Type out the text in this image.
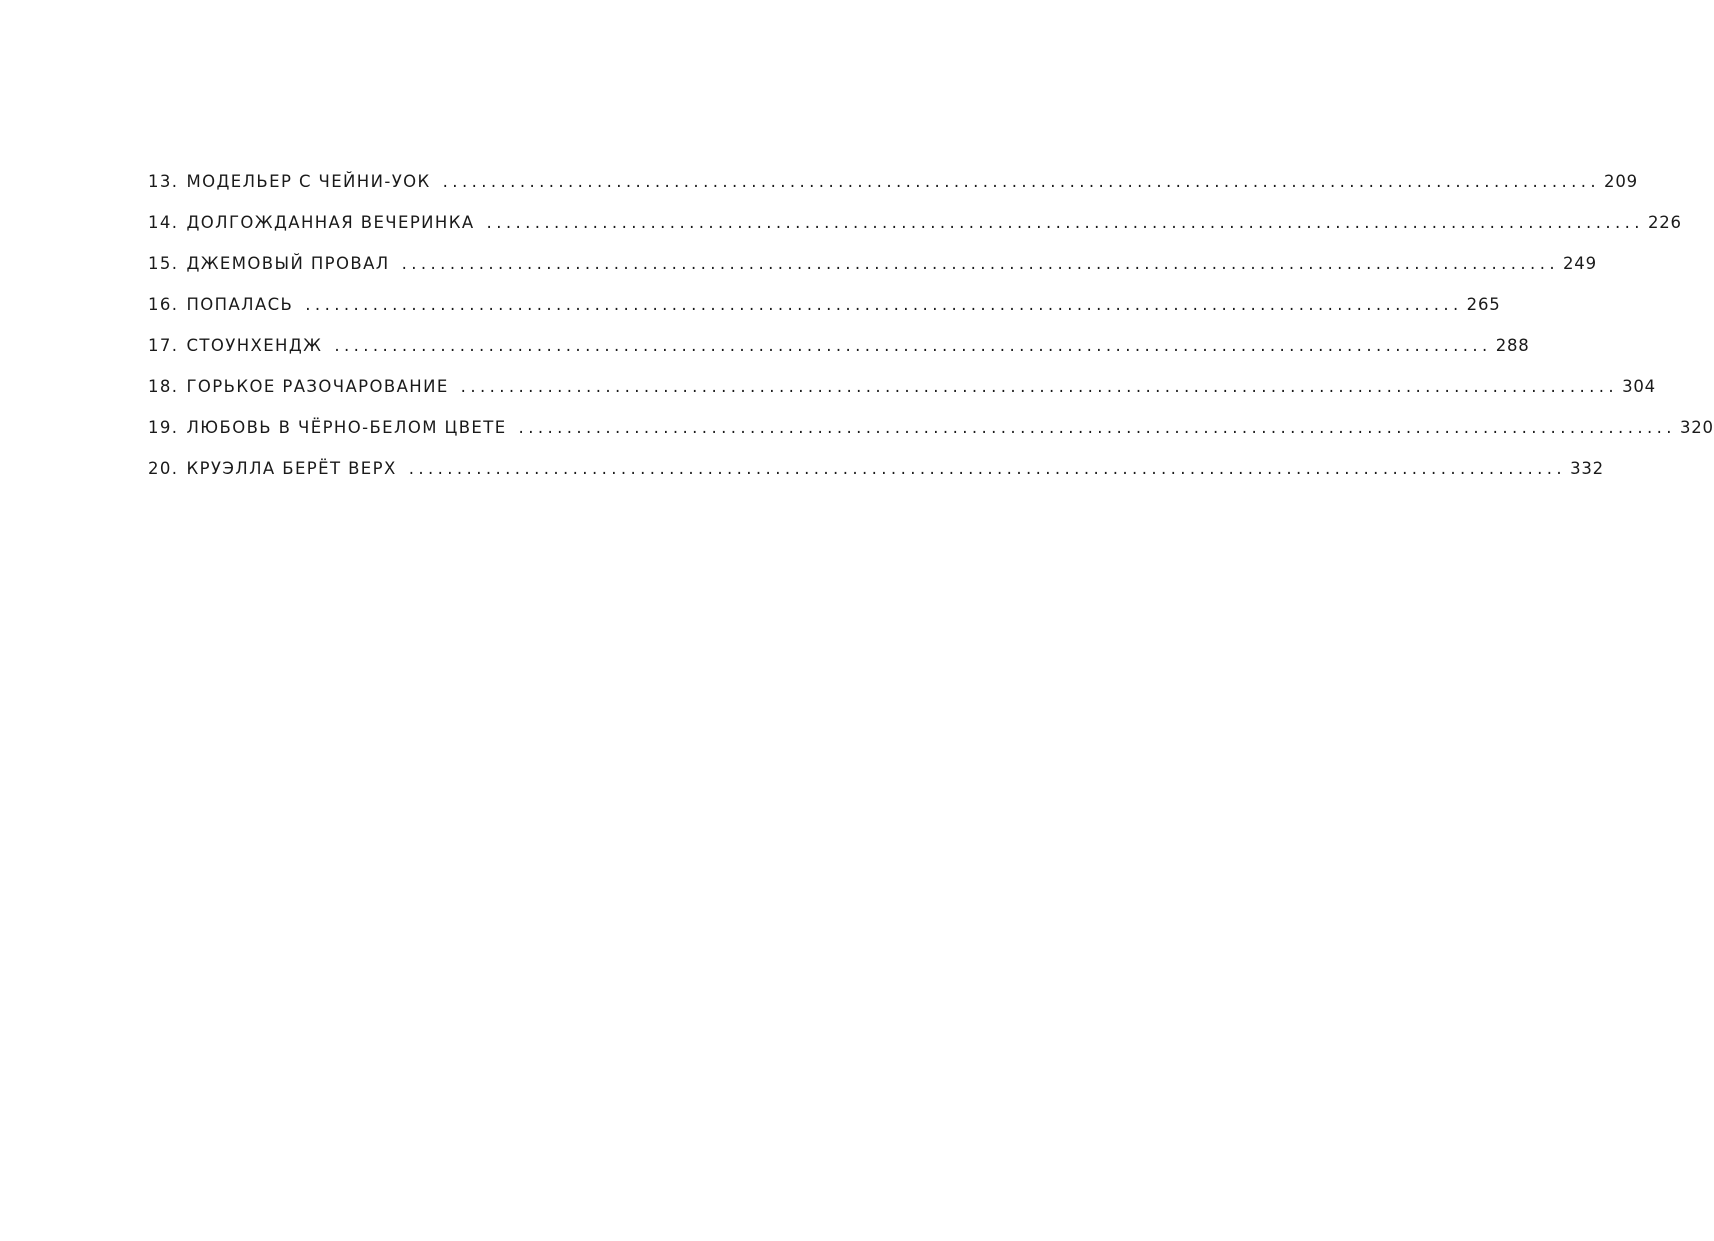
13. МОДЕЛЬЕР С ЧЕЙНИ-УОК ........................................................................................................................ 209
14. ДОЛГОЖДАННАЯ ВЕЧЕРИНКА ........................................................................................................................ 226
15. ДЖЕМОВЫЙ ПРОВАЛ ........................................................................................................................ 249
16. ПОПАЛАСЬ ........................................................................................................................ 265
17. СТОУНХЕНДЖ ........................................................................................................................ 288
18. ГОРЬКОЕ РАЗОЧАРОВАНИЕ ........................................................................................................................ 304
19. ЛЮБОВЬ В ЧЁРНО-БЕЛОМ ЦВЕТЕ ........................................................................................................................ 320
20. КРУЭЛЛА БЕРЁТ ВЕРХ ........................................................................................................................ 332
